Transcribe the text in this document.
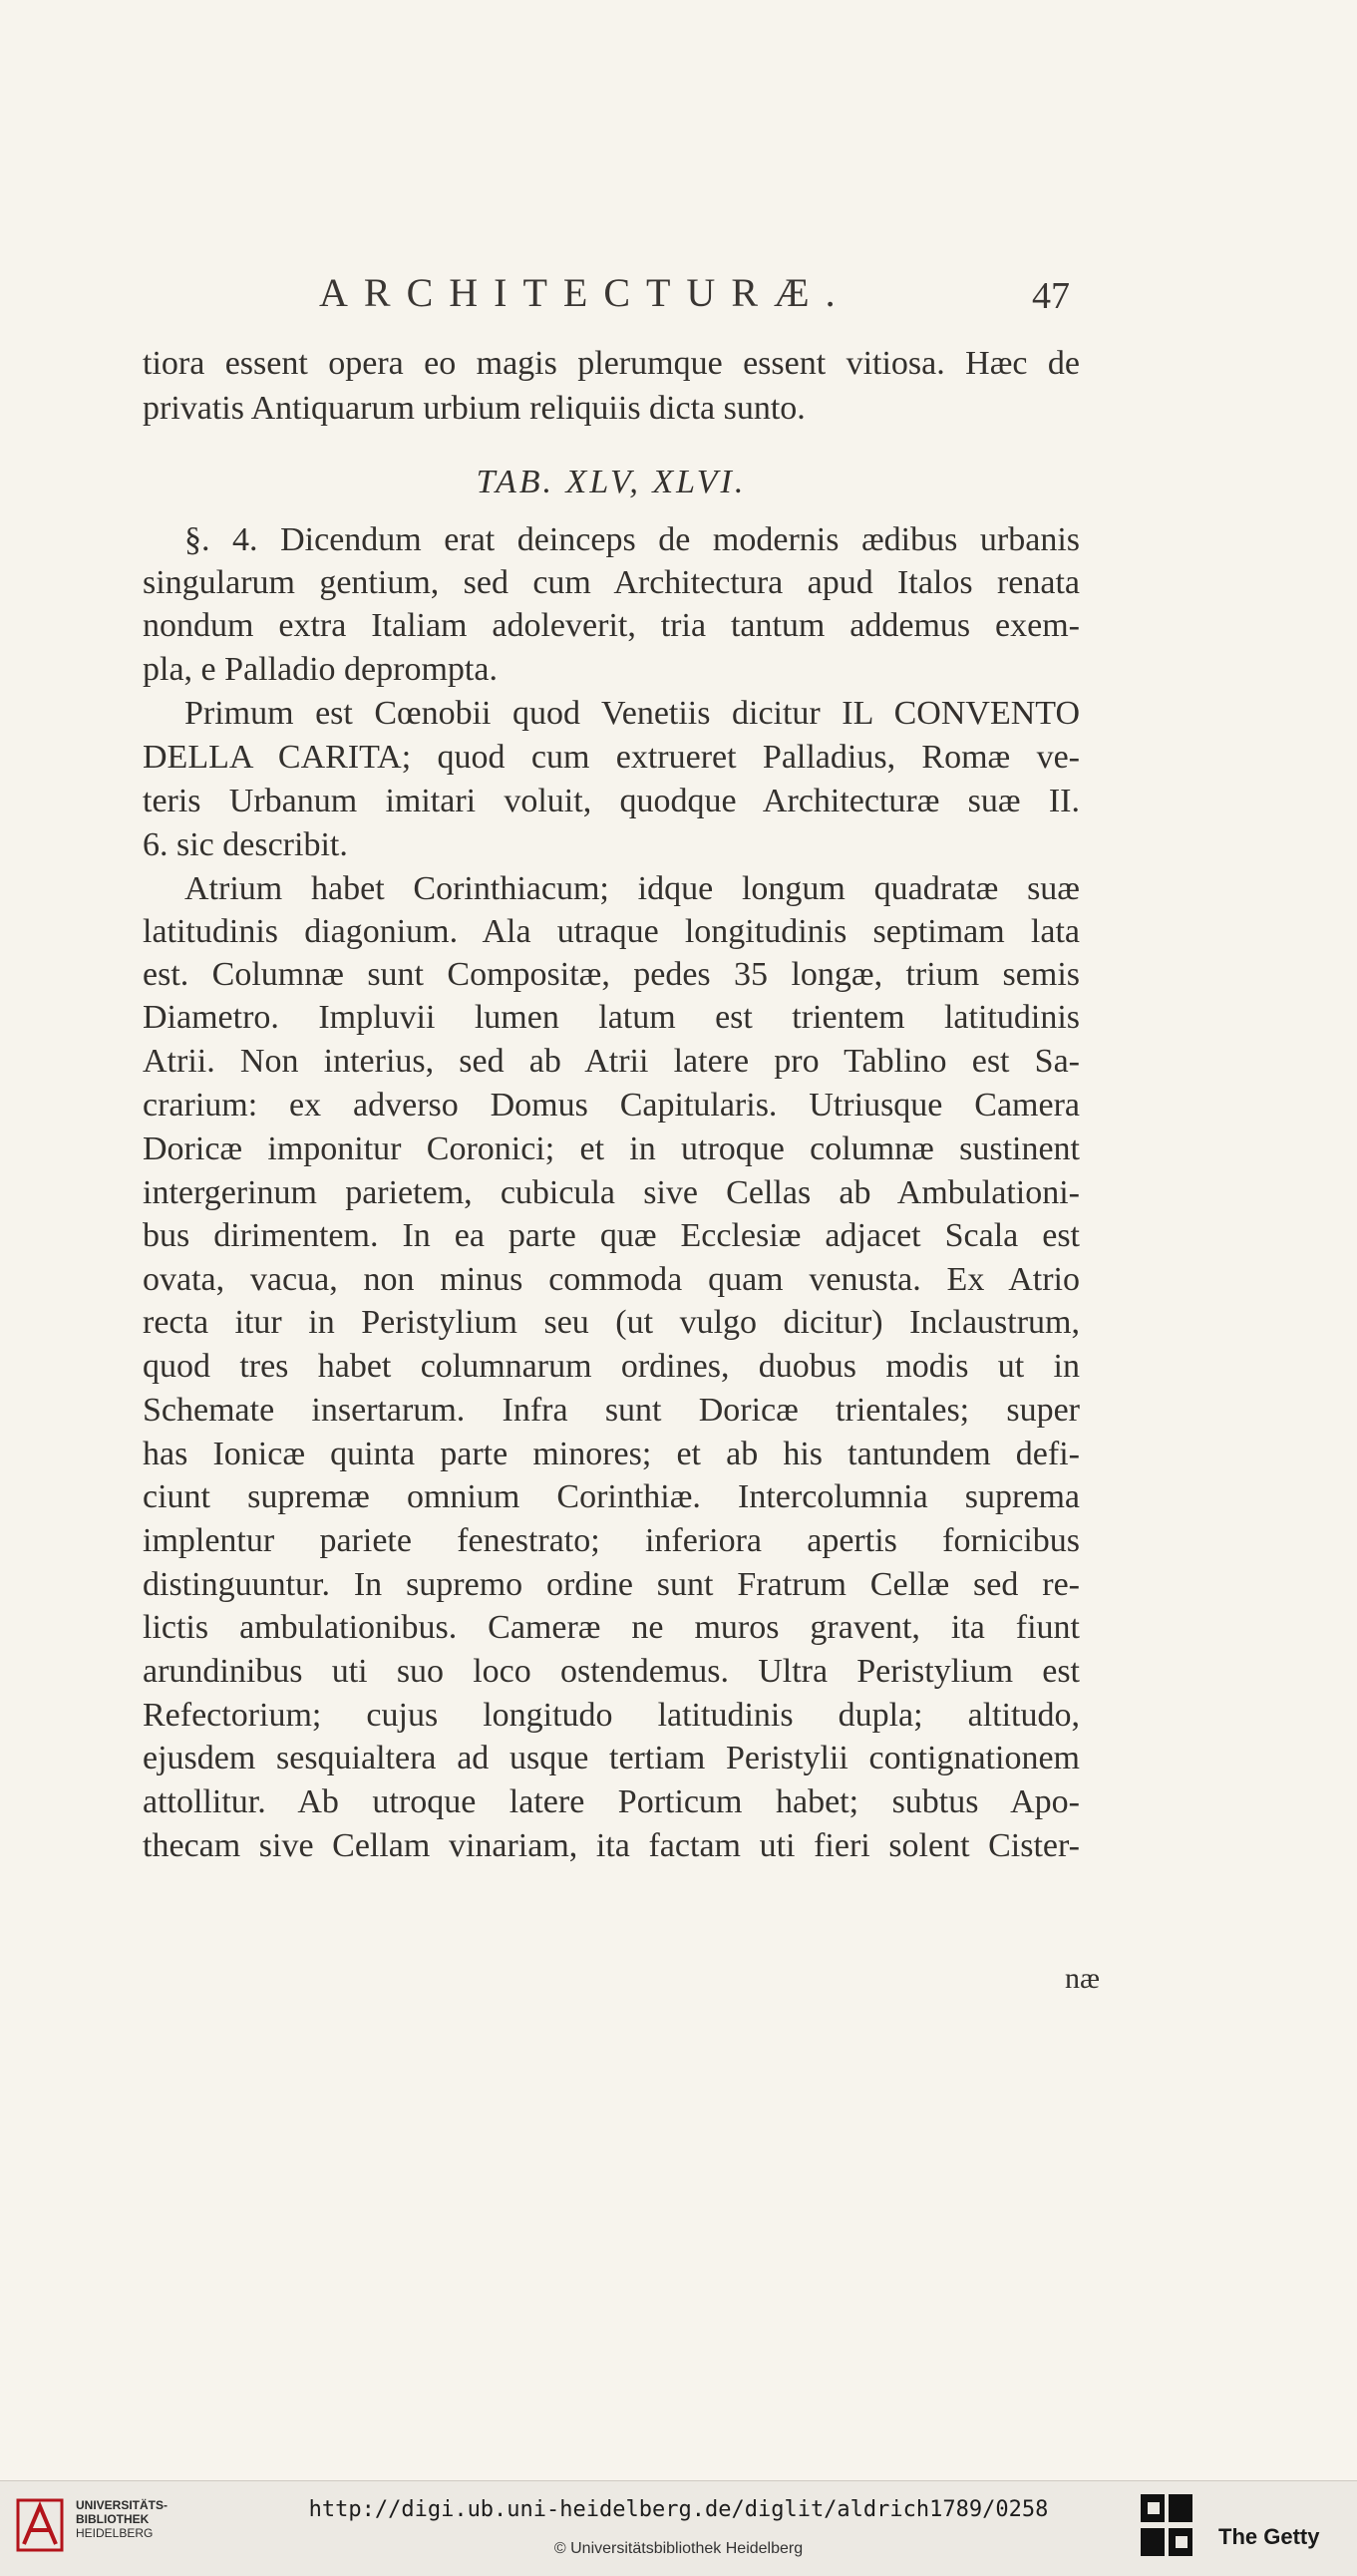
ARCHITECTURÆ.	47
tiora essent opera eo magis plerumque essent vitiosa. Hæc de
privatis Antiquarum urbium reliquiis dicta sunto.
TAB. XLV, XLVI.
§. 4. Dicendum erat deinceps de modernis ædibus urbanis
singularum gentium, sed cum Architectura apud Italos renata
nondum extra Italiam adoleverit, tria tantum addemus exem-
pla, e Palladio deprompta.
Primum est Cœnobii quod Venetiis dicitur IL CONVENTO
DELLA CARITA; quod cum extrueret Palladius, Romæ ve-
teris Urbanum imitari voluit, quodque Architecturæ suæ II.
6. sic describit.
Atrium habet Corinthiacum; idque longum quadratæ suæ
latitudinis diagonium. Ala utraque longitudinis septimam lata
est. Columnæ sunt Compositæ, pedes 35 longæ, trium semis
Diametro. Impluvii lumen latum est trientem latitudinis
Atrii. Non interius, sed ab Atrii latere pro Tablino est Sa-
crarium: ex adverso Domus Capitularis. Utriusque Camera
Doricæ imponitur Coronici; et in utroque columnæ sustinent
intergerinum parietem, cubicula sive Cellas ab Ambulationi-
bus dirimentem. In ea parte quæ Ecclesiæ adjacet Scala est
ovata, vacua, non minus commoda quam venusta. Ex Atrio
recta itur in Peristylium seu (ut vulgo dicitur) Inclaustrum,
quod tres habet columnarum ordines, duobus modis ut in
Schemate insertarum. Infra sunt Doricæ trientales; super
has Ionicæ quinta parte minores; et ab his tantundem defi-
ciunt supremæ omnium Corinthiæ. Intercolumnia suprema
implentur pariete fenestrato; inferiora apertis fornicibus
distinguuntur. In supremo ordine sunt Fratrum Cellæ sed re-
lictis ambulationibus. Cameræ ne muros gravent, ita fiunt
arundinibus uti suo loco ostendemus. Ultra Peristylium est
Refectorium; cujus longitudo latitudinis dupla; altitudo,
ejusdem sesquialtera ad usque tertiam Peristylii contignationem
attollitur. Ab utroque latere Porticum habet; subtus Apo-
thecam sive Cellam vinariam, ita factam uti fieri solent Cister-
næ
UNIVERSITÄTS-
BIBLIOTHEK
HEIDELBERG
http://digi.ub.uni-heidelberg.de/diglit/aldrich1789/0258
© Universitätsbibliothek Heidelberg	The Getty
